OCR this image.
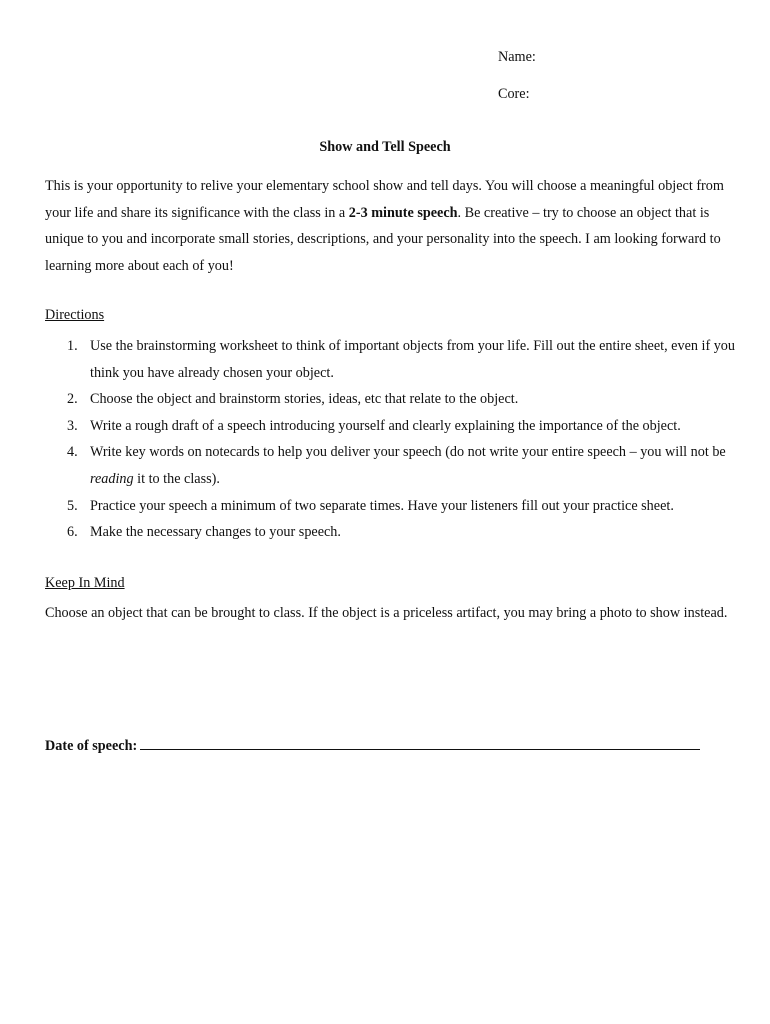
Name:
Core:
Show and Tell Speech

This is your opportunity to relive your elementary school show and tell days. You will choose a meaningful object from your life and share its significance with the class in a 2-3 minute speech. Be creative – try to choose an object that is unique to you and incorporate small stories, descriptions, and your personality into the speech. I am looking forward to learning more about each of you!

Directions

1. Use the brainstorming worksheet to think of important objects from your life. Fill out the entire sheet, even if you think you have already chosen your object.
2. Choose the object and brainstorm stories, ideas, etc that relate to the object.
3. Write a rough draft of a speech introducing yourself and clearly explaining the importance of the object.
4. Write key words on notecards to help you deliver your speech (do not write your entire speech – you will not be reading it to the class).
5. Practice your speech a minimum of two separate times. Have your listeners fill out your practice sheet.
6. Make the necessary changes to your speech.

Keep In Mind

Choose an object that can be brought to class. If the object is a priceless artifact, you may bring a photo to show instead.

Date of speech:
